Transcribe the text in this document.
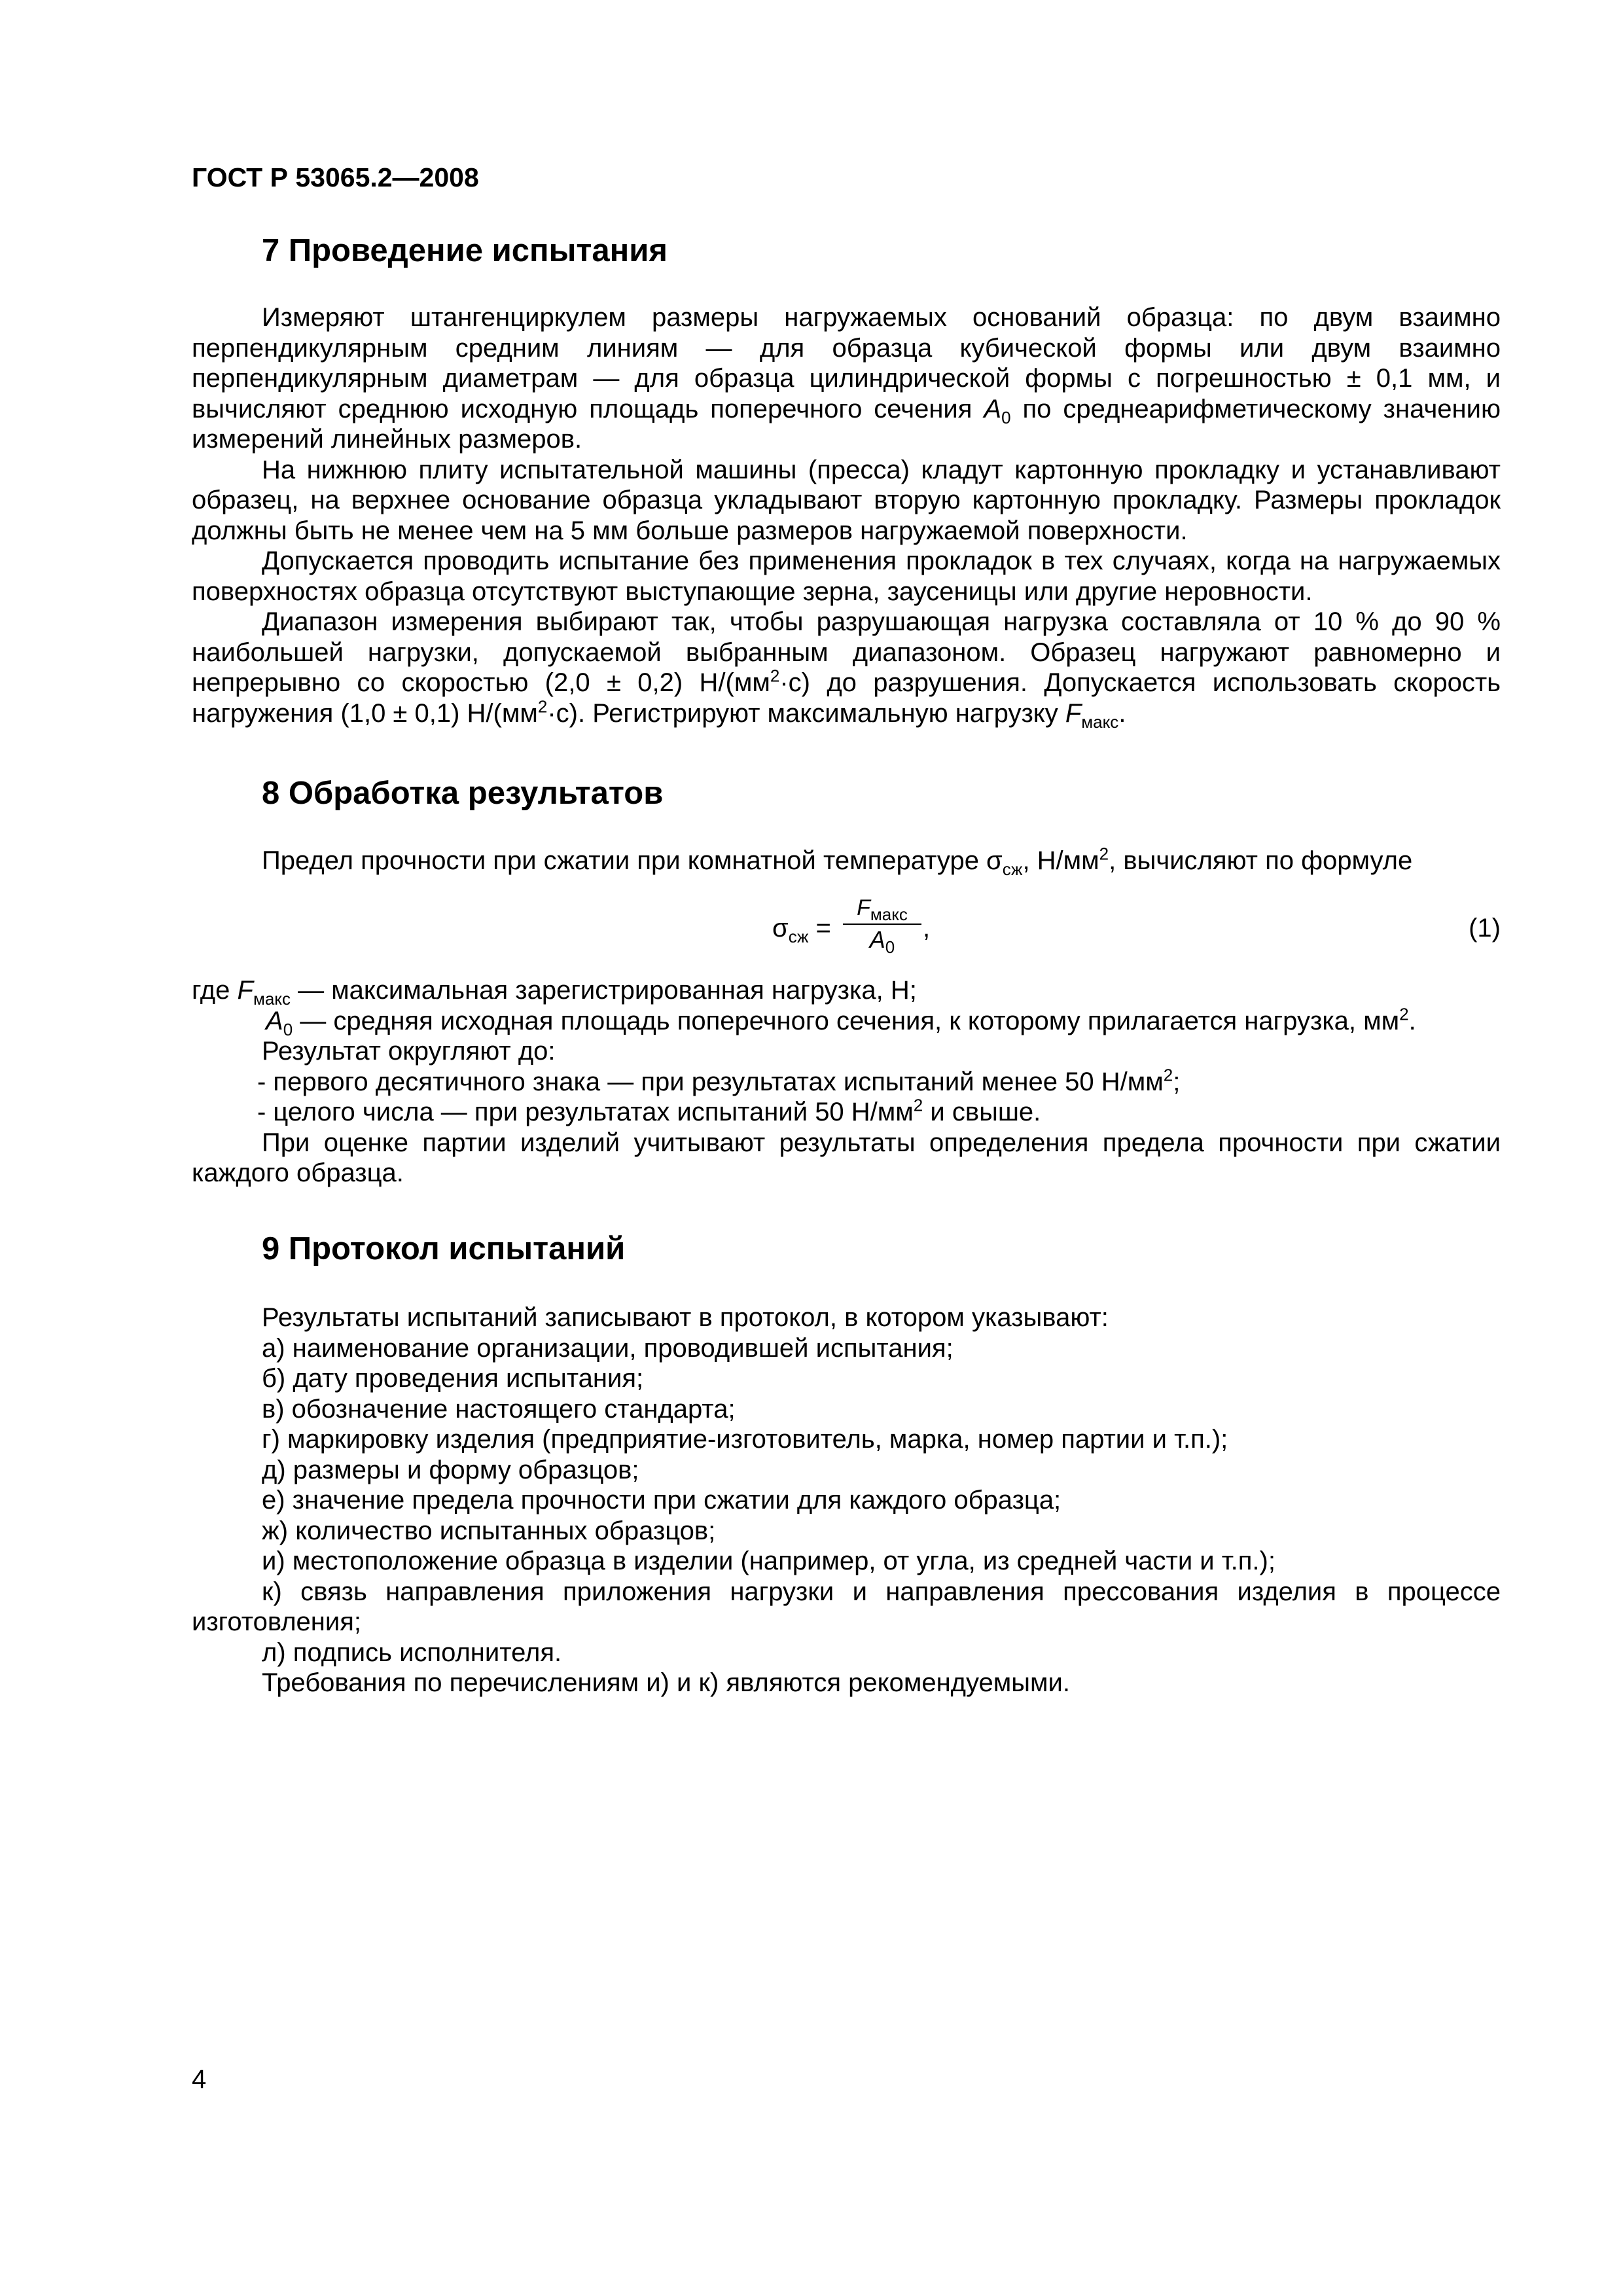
ГОСТ Р 53065.2—2008
7 Проведение испытания

Измеряют штангенциркулем размеры нагружаемых оснований образца: по двум взаимно перпендикулярным средним линиям — для образца кубической формы или двум взаимно перпендикулярным диаметрам — для образца цилиндрической формы с погрешностью ± 0,1 мм, и вычисляют среднюю исходную площадь поперечного сечения $A_0$ по среднеарифметическому значению измерений линейных размеров.

На нижнюю плиту испытательной машины (пресса) кладут картонную прокладку и устанавливают образец, на верхнее основание образца укладывают вторую картонную прокладку. Размеры прокладок должны быть не менее чем на 5 мм больше размеров нагружаемой поверхности.

Допускается проводить испытание без применения прокладок в тех случаях, когда на нагружаемых поверхностях образца отсутствуют выступающие зерна, заусеницы или другие неровности.

Диапазон измерения выбирают так, чтобы разрушающая нагрузка составляла от 10 % до 90 % наибольшей нагрузки, допускаемой выбранным диапазоном. Образец нагружают равномерно и непрерывно со скоростью (2,0 ± 0,2) $Н/(мм^2\cdot с)$ до разрушения. Допускается использовать скорость нагружения (1,0 ± 0,1) $Н/(мм^2\cdot с)$. Регистрируют максимальную нагрузку $F_{макс}$.

8 Обработка результатов

Предел прочности при сжатии при комнатной температуре $\sigma_{сж}$, $Н/мм^2$, вычисляют по формуле

$\sigma_{сж}$ =
$F_{макс}$
$A_0$
,	(1)

где $F_{макс}$ — максимальная зарегистрированная нагрузка, Н;

$A_0$ — средняя исходная площадь поперечного сечения, к которому прилагается нагрузка, $мм^2$.

Результат округляют до:

- первого десятичного знака — при результатах испытаний менее 50 $Н/мм^2$;

- целого числа — при результатах испытаний 50 $Н/мм^2$ и свыше.

При оценке партии изделий учитывают результаты определения предела прочности при сжатии каждого образца.

9 Протокол испытаний

Результаты испытаний записывают в протокол, в котором указывают:

а) наименование организации, проводившей испытания;

б) дату проведения испытания;

в) обозначение настоящего стандарта;

г) маркировку изделия (предприятие-изготовитель, марка, номер партии и т.п.);

д) размеры и форму образцов;

е) значение предела прочности при сжатии для каждого образца;

ж) количество испытанных образцов;

и) местоположение образца в изделии (например, от угла, из средней части и т.п.);

к) связь направления приложения нагрузки и направления прессования изделия в процессе изготовления;

л) подпись исполнителя.

Требования по перечислениям и) и к) являются рекомендуемыми.

4
